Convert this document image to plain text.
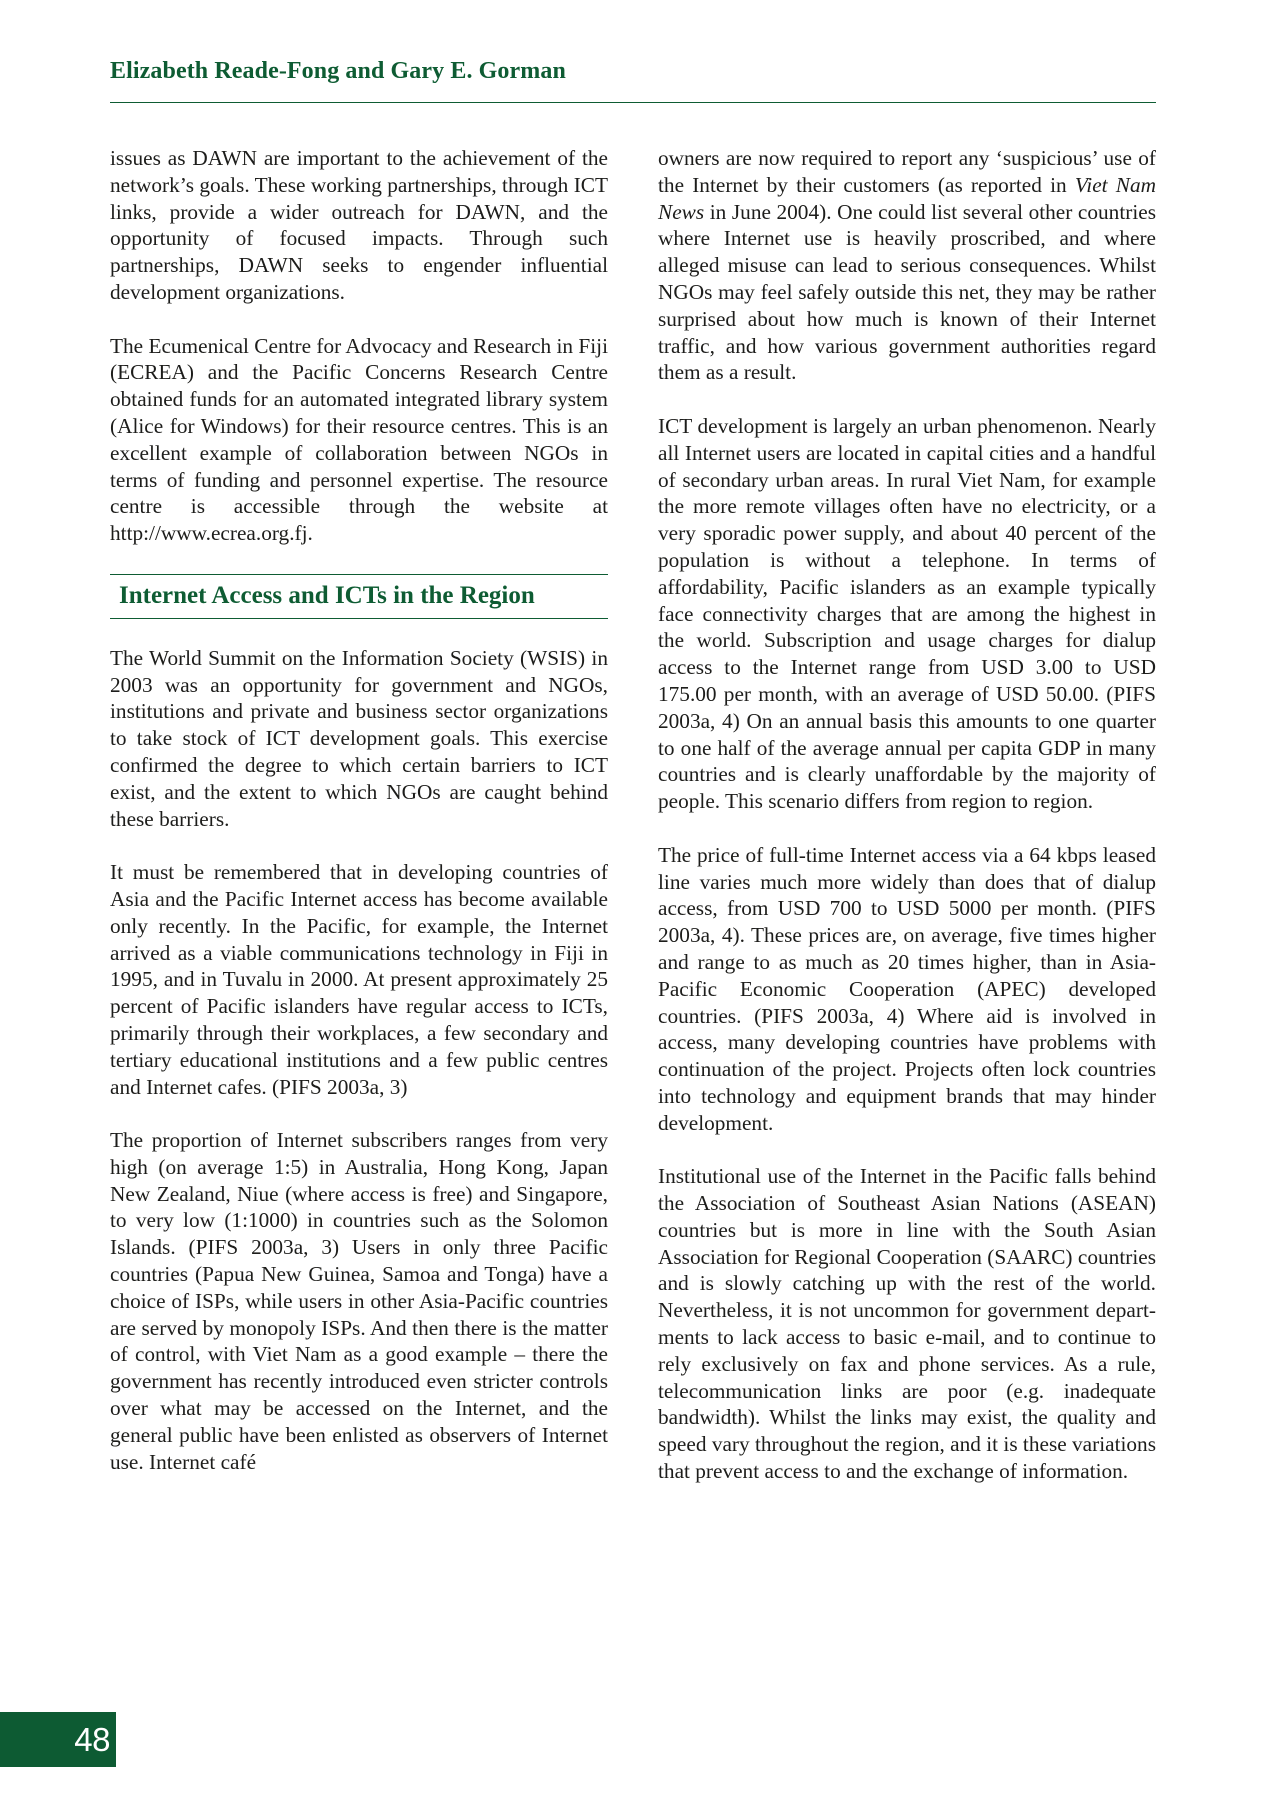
Elizabeth Reade-Fong and Gary E. Gorman

issues as DAWN are important to the achievement of the network’s goals. These working partnerships, through ICT links, provide a wider outreach for DAWN, and the opportunity of focused impacts. Through such partnerships, DAWN seeks to engender influential development organizations.

The Ecumenical Centre for Advocacy and Research in Fiji (ECREA) and the Pacific Concerns Research Centre obtained funds for an automated integrated library system (Alice for Windows) for their resource centres. This is an excellent example of collaboration between NGOs in terms of funding and personnel expertise. The resource centre is accessible through the website at http://www.ecrea.org.fj.

Internet Access and ICTs in the Region

The World Summit on the Information Society (WSIS) in 2003 was an opportunity for government and NGOs, institutions and private and business sector organizations to take stock of ICT development goals. This exercise confirmed the degree to which certain barriers to ICT exist, and the extent to which NGOs are caught behind these barriers.

It must be remembered that in developing countries of Asia and the Pacific Internet access has become available only recently. In the Pacific, for example, the Internet arrived as a viable communications technology in Fiji in 1995, and in Tuvalu in 2000. At present approximately 25 percent of Pacific islanders have regular access to ICTs, primarily through their workplaces, a few secondary and tertiary educational institutions and a few public centres and Internet cafes. (PIFS 2003a, 3)

The proportion of Internet subscribers ranges from very high (on average 1:5) in Australia, Hong Kong, Japan New Zealand, Niue (where access is free) and Singapore, to very low (1:1000) in countries such as the Solomon Islands. (PIFS 2003a, 3) Users in only three Pacific countries (Papua New Guinea, Samoa and Tonga) have a choice of ISPs, while users in other Asia-Pacific countries are served by monopoly ISPs. And then there is the matter of control, with Viet Nam as a good example – there the government has recently introduced even stricter controls over what may be accessed on the Internet, and the general public have been enlisted as observers of Internet use. Internet café

owners are now required to report any ‘suspicious’ use of the Internet by their customers (as reported in Viet Nam News in June 2004). One could list several other countries where Internet use is heavily proscribed, and where alleged misuse can lead to serious consequences. Whilst NGOs may feel safely outside this net, they may be rather surprised about how much is known of their Internet traffic, and how various government authorities regard them as a result.

ICT development is largely an urban phenomenon. Nearly all Internet users are located in capital cities and a handful of secondary urban areas. In rural Viet Nam, for example the more remote villages often have no electricity, or a very sporadic power supply, and about 40 percent of the population is without a telephone. In terms of affordability, Pacific islanders as an example typically face connectivity charges that are among the highest in the world. Subscription and usage charges for dialup access to the Internet range from USD 3.00 to USD 175.00 per month, with an average of USD 50.00. (PIFS 2003a, 4) On an annual basis this amounts to one quarter to one half of the average annual per capita GDP in many countries and is clearly unaffordable by the majority of people. This scenario differs from region to region.

The price of full-time Internet access via a 64 kbps leased line varies much more widely than does that of dialup access, from USD 700 to USD 5000 per month. (PIFS 2003a, 4). These prices are, on average, five times higher and range to as much as 20 times higher, than in Asia-Pacific Economic Cooperation (APEC) developed countries. (PIFS 2003a, 4) Where aid is involved in access, many developing countries have problems with continuation of the project. Projects often lock countries into technology and equipment brands that may hinder development.

Institutional use of the Internet in the Pacific falls behind the Association of Southeast Asian Nations (ASEAN) countries but is more in line with the South Asian Association for Regional Cooperation (SAARC) countries and is slowly catching up with the rest of the world. Nevertheless, it is not uncommon for government departments to lack access to basic e-mail, and to continue to rely exclusively on fax and phone services. As a rule, telecommunication links are poor (e.g. inadequate bandwidth). Whilst the links may exist, the quality and speed vary throughout the region, and it is these variations that prevent access to and the exchange of information.

48
